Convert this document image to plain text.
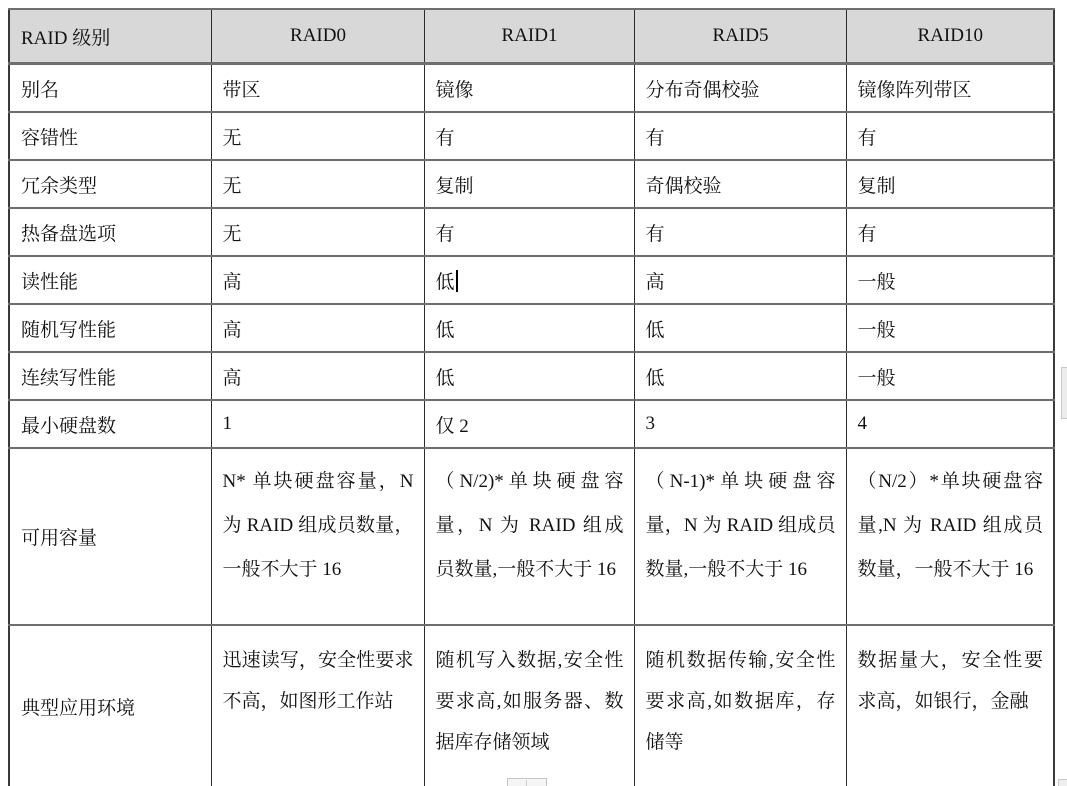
RAID 级别	RAID0	RAID1	RAID5	RAID10
别名	带区	镜像	分布奇偶校验	镜像阵列带区
容错性	无	有	有	有
冗余类型	无	复制	奇偶校验	复制
热备盘选项	无	有	有	有
读性能	高	低	高	一般
随机写性能	高	低	低	一般
连续写性能	高	低	低	一般
最小硬盘数	1	仅 2	3	4
可用容量	N* 单块硬盘容量，N 为 RAID 组成员数量，一般不大于 16	（N/2)*单块硬盘容量，N 为 RAID 组成员数量,一般不大于 16	（N-1)*单块硬盘容量，N 为 RAID 组成员数量,一般不大于 16	（N/2）*单块硬盘容量,N 为 RAID 组成员数量，一般不大于 16
典型应用环境	迅速读写，安全性要求不高，如图形工作站	随机写入数据,安全性要求高,如服务器、数据库存储领域	随机数据传输,安全性要求高,如数据库，存储等	数据量大，安全性要求高，如银行，金融
